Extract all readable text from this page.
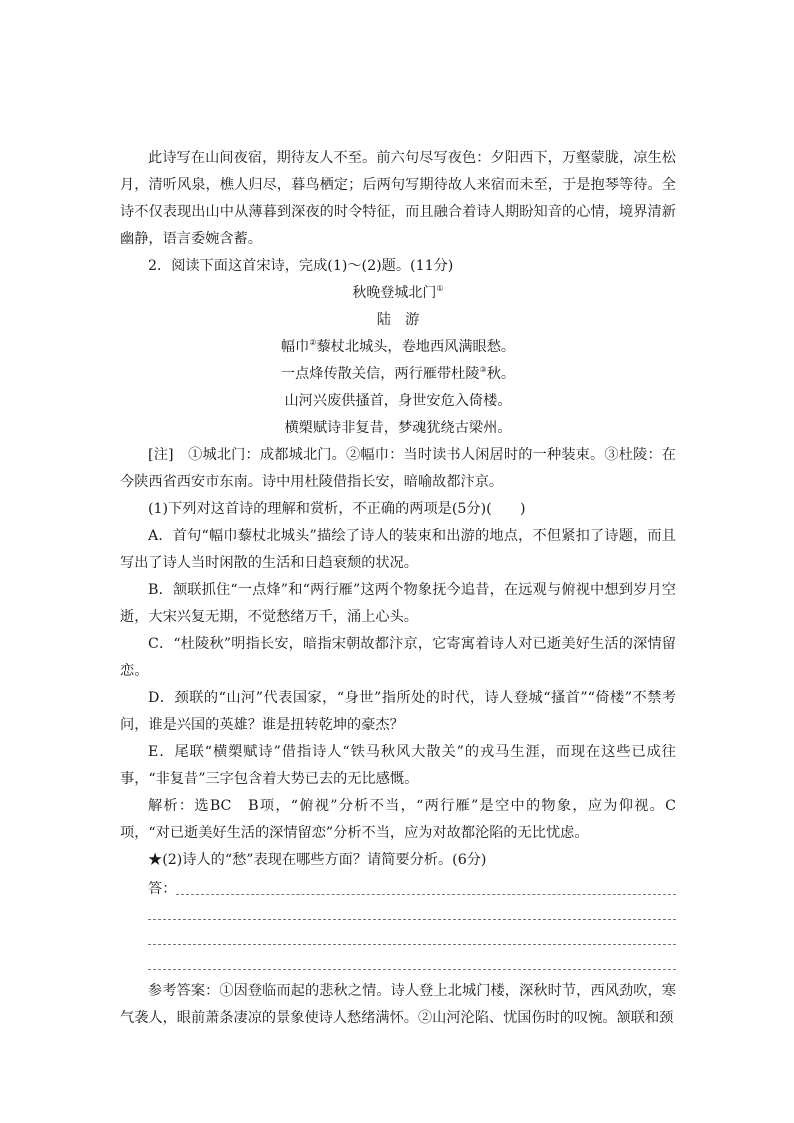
此诗写在山间夜宿，期待友人不至。前六句尽写夜色：夕阳西下，万壑蒙胧，凉生松月，清听风泉，樵人归尽，暮鸟栖定；后两句写期待故人来宿而未至，于是抱琴等待。全诗不仅表现出山中从薄暮到深夜的时令特征，而且融合着诗人期盼知音的心情，境界清新幽静，语言委婉含蓄。

2．阅读下面这首宋诗，完成(1)～(2)题。(11分)

秋晚登城北门①

陆　游

幅巾②藜杖北城头，卷地西风满眼愁。

一点烽传散关信，两行雁带杜陵③秋。

山河兴废供搔首，身世安危入倚楼。

横槊赋诗非复昔，梦魂犹绕古梁州。

[注]　①城北门：成都城北门。②幅巾：当时读书人闲居时的一种装束。③杜陵：在今陕西省西安市东南。诗中用杜陵借指长安，暗喻故都汴京。

(1)下列对这首诗的理解和赏析，不正确的两项是(5分)(　　)

A．首句“幅巾藜杖北城头”描绘了诗人的装束和出游的地点，不但紧扣了诗题，而且写出了诗人当时闲散的生活和日趋衰颓的状况。

B．颔联抓住“一点烽”和“两行雁”这两个物象抚今追昔，在远观与俯视中想到岁月空逝，大宋兴复无期，不觉愁绪万千，涌上心头。

C．“杜陵秋”明指长安，暗指宋朝故都汴京，它寄寓着诗人对已逝美好生活的深情留恋。

D．颈联的“山河”代表国家，“身世”指所处的时代，诗人登城“搔首”“倚楼”不禁考问，谁是兴国的英雄？谁是扭转乾坤的豪杰？

E．尾联“横槊赋诗”借指诗人“铁马秋风大散关”的戎马生涯，而现在这些已成往事，“非复昔”三字包含着大势已去的无比感慨。

解析：选BC　B项，“俯视”分析不当，“两行雁”是空中的物象，应为仰视。C项，“对已逝美好生活的深情留恋”分析不当，应为对故都沦陷的无比忧虑。

★(2)诗人的“愁”表现在哪些方面？请简要分析。(6分)

答：

参考答案：①因登临而起的悲秋之情。诗人登上北城门楼，深秋时节，西风劲吹，寒气袭人，眼前萧条凄凉的景象使诗人愁绪满怀。②山河沦陷、忧国伤时的叹惋。颔联和颈
